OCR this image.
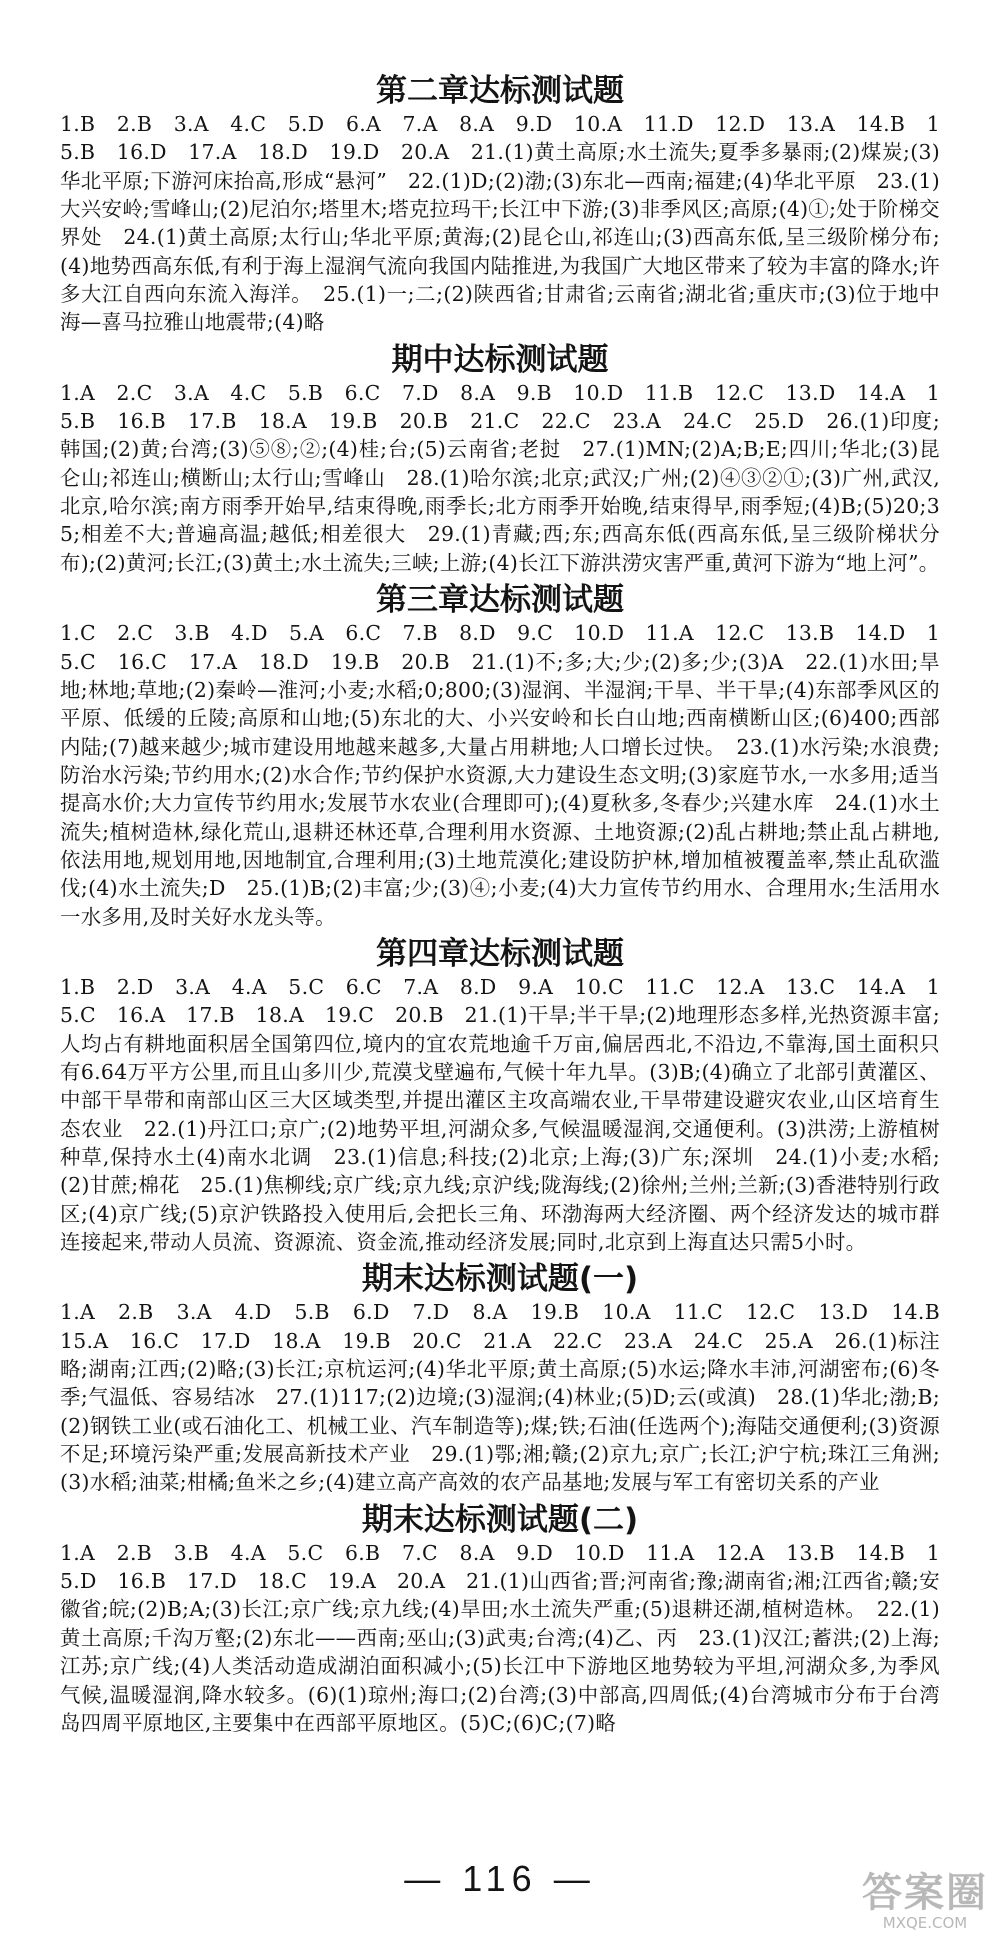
第二章达标测试题

1.B　2.B　3.A　4.C　5.D　6.A　7.A　8.A　9.D　10.A　11.D　12.D　13.A　14.B　15.B　16.D　17.A　18.D　19.D　20.A　21.(1)黄土高原;水土流失;夏季多暴雨;(2)煤炭;(3)华北平原;下游河床抬高,形成“悬河”　22.(1)D;(2)渤;(3)东北—西南;福建;(4)华北平原　23.(1)大兴安岭;雪峰山;(2)尼泊尔;塔里木;塔克拉玛干;长江中下游;(3)非季风区;高原;(4)①;处于阶梯交界处　24.(1)黄土高原;太行山;华北平原;黄海;(2)昆仑山,祁连山;(3)西高东低,呈三级阶梯分布;(4)地势西高东低,有利于海上湿润气流向我国内陆推进,为我国广大地区带来了较为丰富的降水;许多大江自西向东流入海洋。　25.(1)一;二;(2)陕西省;甘肃省;云南省;湖北省;重庆市;(3)位于地中海—喜马拉雅山地震带;(4)略

期中达标测试题

1.A　2.C　3.A　4.C　5.B　6.C　7.D　8.A　9.B　10.D　11.B　12.C　13.D　14.A　15.B　16.B　17.B　18.A　19.B　20.B　21.C　22.C　23.A　24.C　25.D　26.(1)印度;韩国;(2)黄;台湾;(3)⑤⑧;②;(4)桂;台;(5)云南省;老挝　27.(1)MN;(2)A;B;E;四川;华北;(3)昆仑山;祁连山;横断山;太行山;雪峰山　28.(1)哈尔滨;北京;武汉;广州;(2)④③②①;(3)广州,武汉,北京,哈尔滨;南方雨季开始早,结束得晚,雨季长;北方雨季开始晚,结束得早,雨季短;(4)B;(5)20;35;相差不大;普遍高温;越低;相差很大　29.(1)青藏;西;东;西高东低(西高东低,呈三级阶梯状分布);(2)黄河;长江;(3)黄土;水土流失;三峡;上游;(4)长江下游洪涝灾害严重,黄河下游为“地上河”。

第三章达标测试题

1.C　2.C　3.B　4.D　5.A　6.C　7.B　8.D　9.C　10.D　11.A　12.C　13.B　14.D　15.C　16.C　17.A　18.D　19.B　20.B　21.(1)不;多;大;少;(2)多;少;(3)A　22.(1)水田;旱地;林地;草地;(2)秦岭—淮河;小麦;水稻;0;800;(3)湿润、半湿润;干旱、半干旱;(4)东部季风区的平原、低缓的丘陵;高原和山地;(5)东北的大、小兴安岭和长白山地;西南横断山区;(6)400;西部内陆;(7)越来越少;城市建设用地越来越多,大量占用耕地;人口增长过快。　23.(1)水污染;水浪费;防治水污染;节约用水;(2)水合作;节约保护水资源,大力建设生态文明;(3)家庭节水,一水多用;适当提高水价;大力宣传节约用水;发展节水农业(合理即可);(4)夏秋多,冬春少;兴建水库　24.(1)水土流失;植树造林,绿化荒山,退耕还林还草,合理利用水资源、土地资源;(2)乱占耕地;禁止乱占耕地,依法用地,规划用地,因地制宜,合理利用;(3)土地荒漠化;建设防护林,增加植被覆盖率,禁止乱砍滥伐;(4)水土流失;D　25.(1)B;(2)丰富;少;(3)④;小麦;(4)大力宣传节约用水、合理用水;生活用水一水多用,及时关好水龙头等。

第四章达标测试题

1.B　2.D　3.A　4.A　5.C　6.C　7.A　8.D　9.A　10.C　11.C　12.A　13.C　14.A　15.C　16.A　17.B　18.A　19.C　20.B　21.(1)干旱;半干旱;(2)地理形态多样,光热资源丰富;人均占有耕地面积居全国第四位,境内的宜农荒地逾千万亩,偏居西北,不沿边,不靠海,国土面积只有6.64万平方公里,而且山多川少,荒漠戈壁遍布,气候十年九旱。(3)B;(4)确立了北部引黄灌区、中部干旱带和南部山区三大区域类型,并提出灌区主攻高端农业,干旱带建设避灾农业,山区培育生态农业　22.(1)丹江口;京广;(2)地势平坦,河湖众多,气候温暖湿润,交通便利。(3)洪涝;上游植树种草,保持水土(4)南水北调　23.(1)信息;科技;(2)北京;上海;(3)广东;深圳　24.(1)小麦;水稻;(2)甘蔗;棉花　25.(1)焦柳线;京广线;京九线;京沪线;陇海线;(2)徐州;兰州;兰新;(3)香港特别行政区;(4)京广线;(5)京沪铁路投入使用后,会把长三角、环渤海两大经济圈、两个经济发达的城市群连接起来,带动人员流、资源流、资金流,推动经济发展;同时,北京到上海直达只需5小时。

期末达标测试题(一)

1.A　2.B　3.A　4.D　5.B　6.D　7.D　8.A　19.B　10.A　11.C　12.C　13.D　14.B　15.A　16.C　17.D　18.A　19.B　20.C　21.A　22.C　23.A　24.C　25.A　26.(1)标注略;湖南;江西;(2)略;(3)长江;京杭运河;(4)华北平原;黄土高原;(5)水运;降水丰沛,河湖密布;(6)冬季;气温低、容易结冰　27.(1)117;(2)边境;(3)湿润;(4)林业;(5)D;云(或滇)　28.(1)华北;渤;B;(2)钢铁工业(或石油化工、机械工业、汽车制造等);煤;铁;石油(任选两个);海陆交通便利;(3)资源不足;环境污染严重;发展高新技术产业　29.(1)鄂;湘;赣;(2)京九;京广;长江;沪宁杭;珠江三角洲;(3)水稻;油菜;柑橘;鱼米之乡;(4)建立高产高效的农产品基地;发展与军工有密切关系的产业

期末达标测试题(二)

1.A　2.B　3.B　4.A　5.C　6.B　7.C　8.A　9.D　10.D　11.A　12.A　13.B　14.B　15.D　16.B　17.D　18.C　19.A　20.A　21.(1)山西省;晋;河南省;豫;湖南省;湘;江西省;赣;安徽省;皖;(2)B;A;(3)长江;京广线;京九线;(4)旱田;水土流失严重;(5)退耕还湖,植树造林。　22.(1)黄土高原;千沟万壑;(2)东北——西南;巫山;(3)武夷;台湾;(4)乙、丙　23.(1)汉江;蓄洪;(2)上海;江苏;京广线;(4)人类活动造成湖泊面积减小;(5)长江中下游地区地势较为平坦,河湖众多,为季风气候,温暖湿润,降水较多。(6)(1)琼州;海口;(2)台湾;(3)中部高,四周低;(4)台湾城市分布于台湾岛四周平原地区,主要集中在西部平原地区。(5)C;(6)C;(7)略

— 116 —	答案圈
MXQE.COM
